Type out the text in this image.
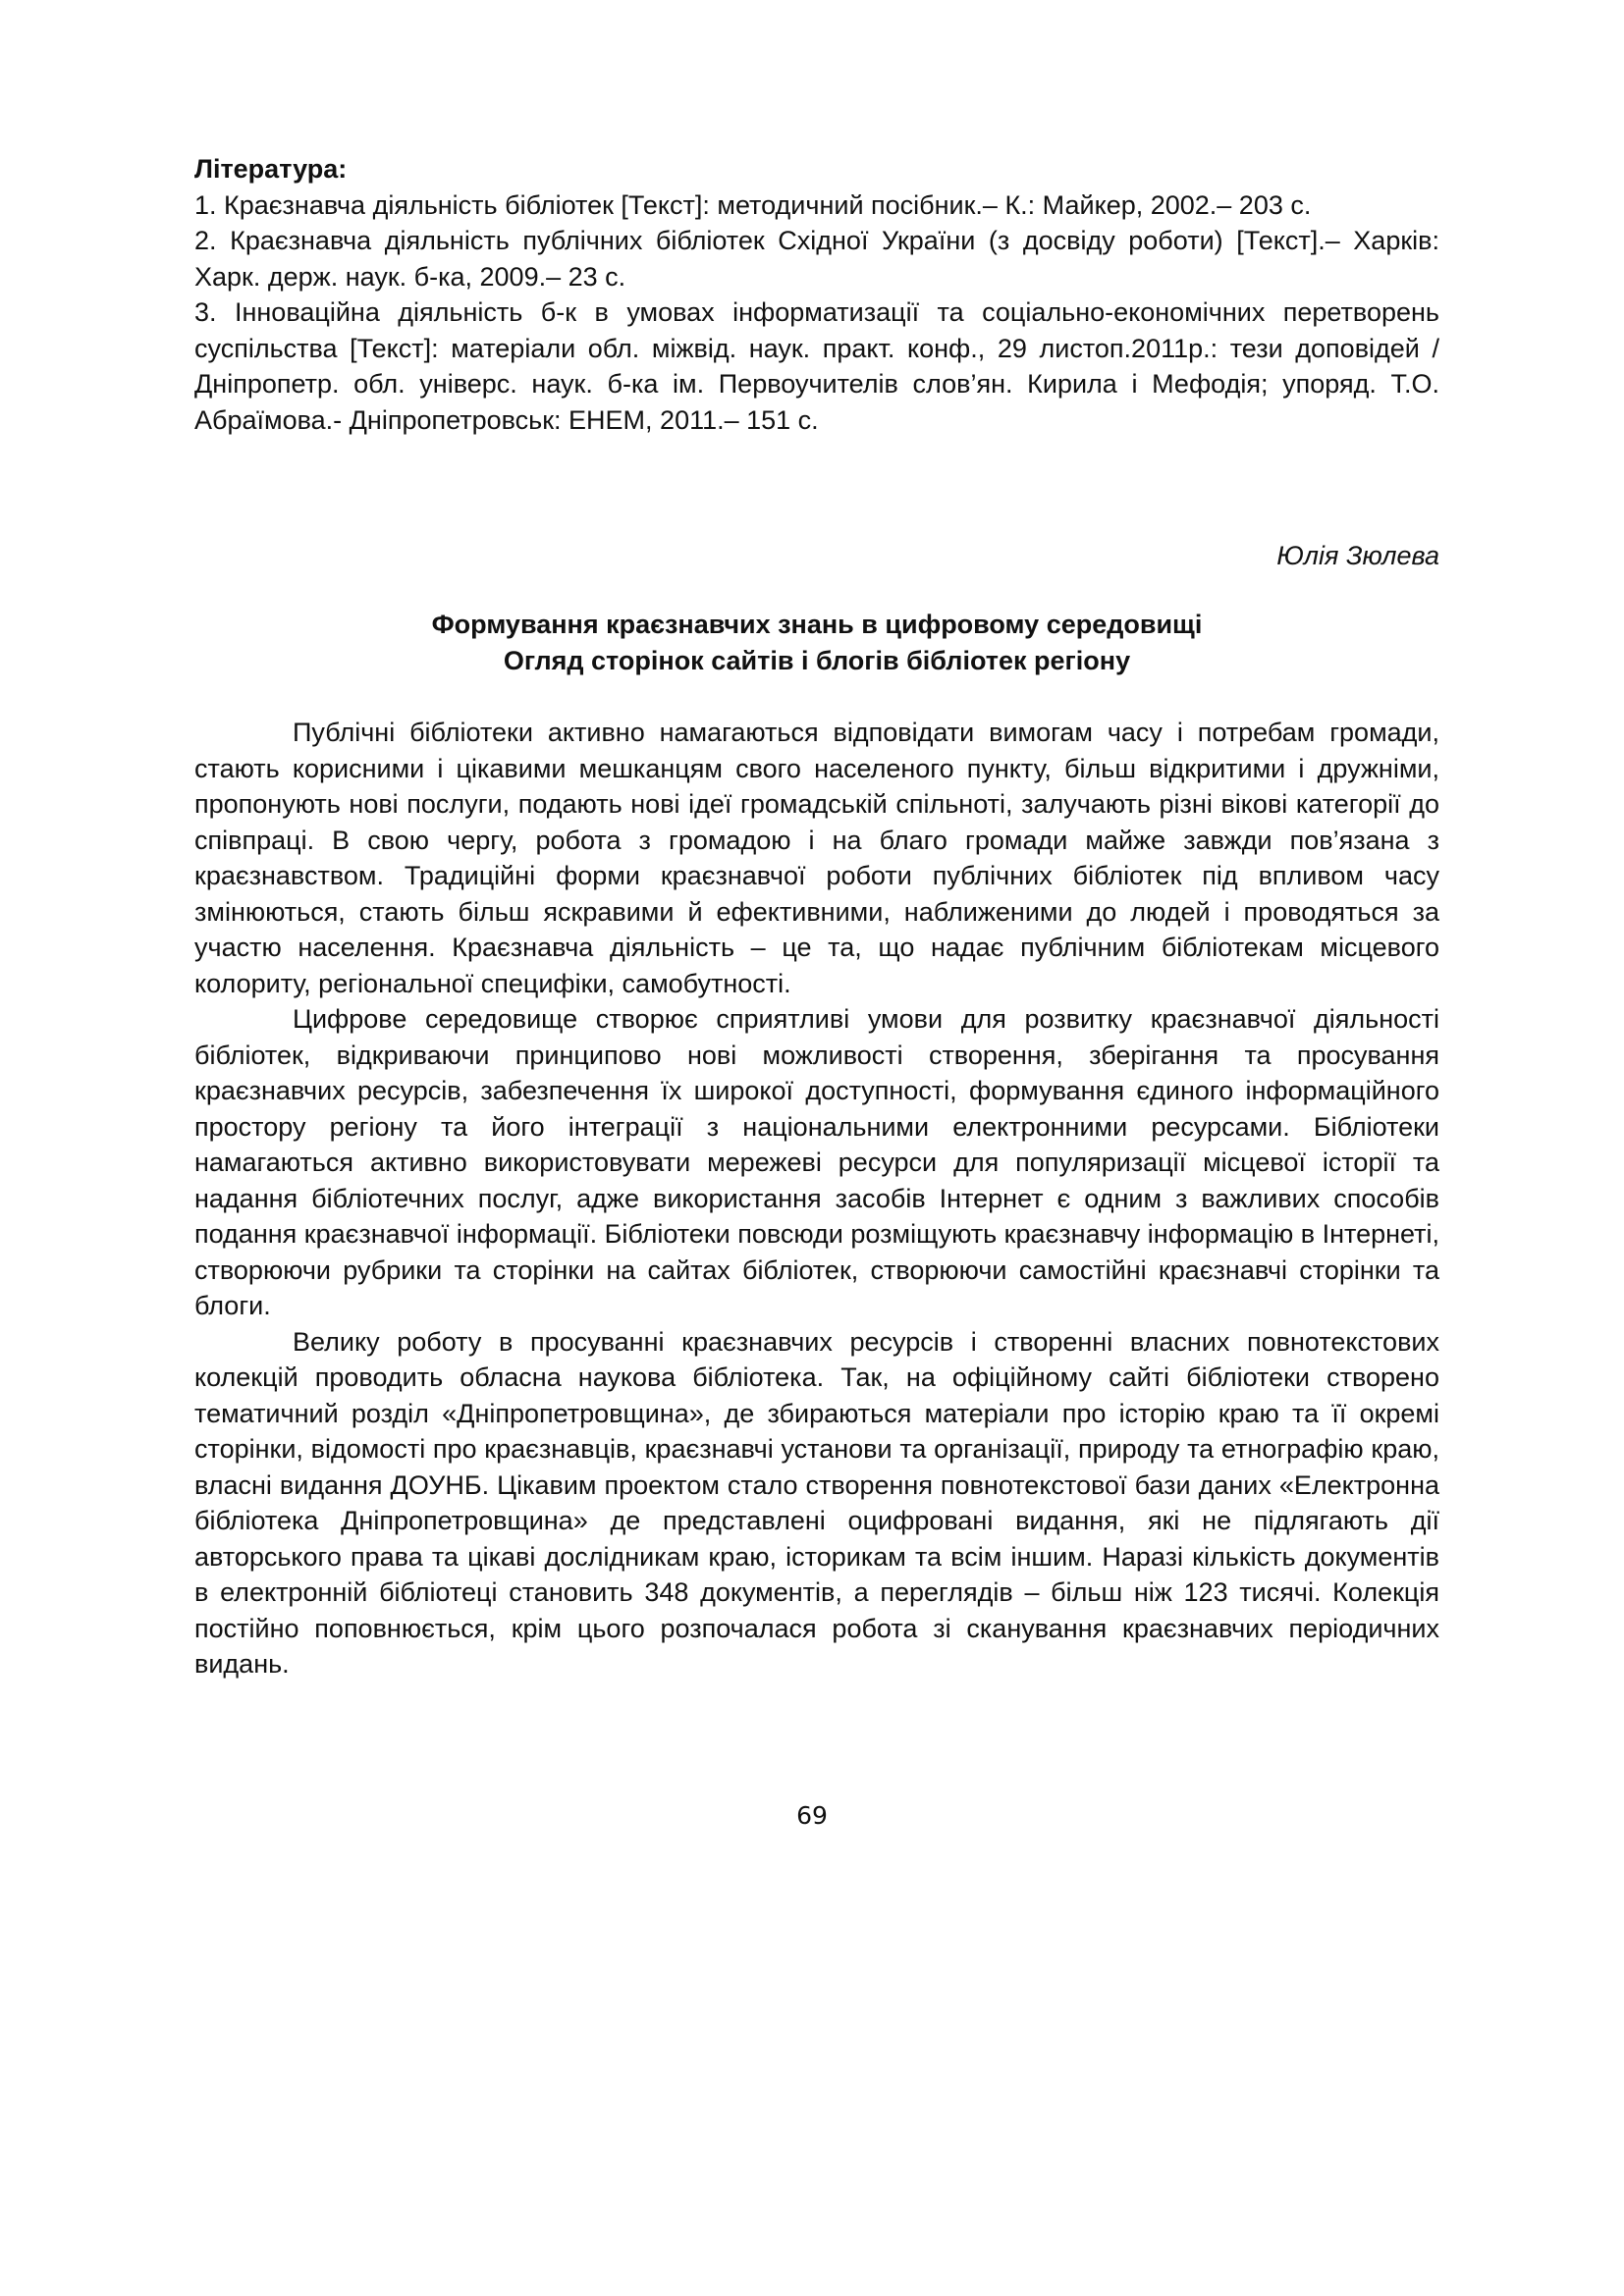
Література:

1. Краєзнавча діяльність бібліотек [Текст]: методичний посібник.– К.: Майкер, 2002.– 203 с.

2. Краєзнавча діяльність публічних бібліотек Східної України (з досвіду роботи) [Текст].– Харків: Харк. держ. наук. б-ка, 2009.– 23 с.

3. Інноваційна діяльність б-к в умовах інформатизації та соціально-економічних перетворень суспільства [Текст]: матеріали обл. міжвід. наук. практ. конф., 29 листоп.2011р.: тези доповідей / Дніпропетр. обл. універс. наук. б-ка ім. Первоучителів слов’ян. Кирила і Мефодія; упоряд. Т.О. Абраїмова.- Дніпропетровськ: ЕНЕМ, 2011.– 151 с.

Юлія Зюлева

Формування краєзнавчих знань в цифровому середовищі
Огляд сторінок сайтів і блогів бібліотек регіону

Публічні бібліотеки активно намагаються відповідати вимогам часу і потребам громади, стають корисними і цікавими мешканцям свого населеного пункту, більш відкритими і дружніми, пропонують нові послуги, подають нові ідеї громадській спільноті, залучають різні вікові категорії до співпраці. В свою чергу, робота з громадою і на благо громади майже завжди пов’язана з краєзнавством. Традиційні форми краєзнавчої роботи публічних бібліотек під впливом часу змінюються, стають більш яскравими й ефективними, наближеними до людей і проводяться за участю населення. Краєзнавча діяльність – це та, що надає публічним бібліотекам місцевого колориту, регіональної специфіки, самобутності.

Цифрове середовище створює сприятливі умови для розвитку краєзнавчої діяльності бібліотек, відкриваючи принципово нові можливості створення, зберігання та просування краєзнавчих ресурсів, забезпечення їх широкої доступності, формування єдиного інформаційного простору регіону та його інтеграції з національними електронними ресурсами. Бібліотеки намагаються активно використовувати мережеві ресурси для популяризації місцевої історії та надання бібліотечних послуг, адже використання засобів Інтернет є одним з важливих способів подання краєзнавчої інформації. Бібліотеки повсюди розміщують краєзнавчу інформацію в Інтернеті, створюючи рубрики та сторінки на сайтах бібліотек, створюючи самостійні краєзнавчі сторінки та блоги.

Велику роботу в просуванні краєзнавчих ресурсів і створенні власних повнотекстових колекцій проводить обласна наукова бібліотека. Так, на офіційному сайті бібліотеки створено тематичний розділ «Дніпропетровщина», де збираються матеріали про історію краю та її окремі сторінки, відомості про краєзнавців, краєзнавчі установи та організації, природу та етнографію краю, власні видання ДОУНБ. Цікавим проектом стало створення повнотекстової бази даних «Електронна бібліотека Дніпропетровщина» де представлені оцифровані видання, які не підлягають дії авторського права та цікаві дослідникам краю, історикам та всім іншим. Наразі кількість документів в електронній бібліотеці становить 348 документів, а переглядів – більш ніж 123 тисячі. Колекція постійно поповнюється, крім цього розпочалася робота зі сканування краєзнавчих періодичних видань.

69
